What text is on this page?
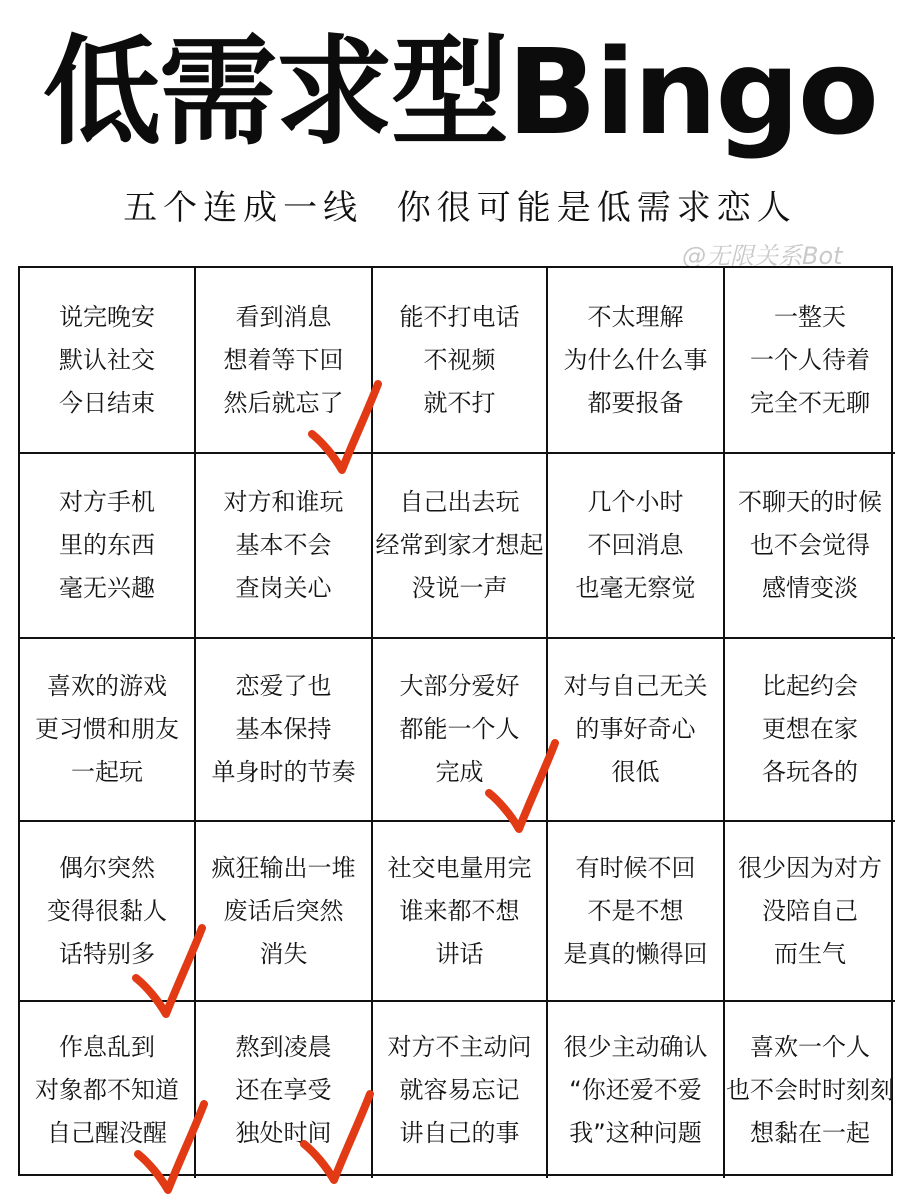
低需求型Bingo
五个连成一线  你很可能是低需求恋人
@无限关系Bot
说完晚安
默认社交
今日结束
看到消息
想着等下回
然后就忘了
能不打电话
不视频
就不打
不太理解
为什么什么事
都要报备
一整天
一个人待着
完全不无聊
对方手机
里的东西
毫无兴趣
对方和谁玩
基本不会
查岗关心
自己出去玩
经常到家才想起
没说一声
几个小时
不回消息
也毫无察觉
不聊天的时候
也不会觉得
感情变淡
喜欢的游戏
更习惯和朋友
一起玩
恋爱了也
基本保持
单身时的节奏
大部分爱好
都能一个人
完成
对与自己无关
的事好奇心
很低
比起约会
更想在家
各玩各的
偶尔突然
变得很黏人
话特别多
疯狂输出一堆
废话后突然
消失
社交电量用完
谁来都不想
讲话
有时候不回
不是不想
是真的懒得回
很少因为对方
没陪自己
而生气
作息乱到
对象都不知道
自己醒没醒
熬到凌晨
还在享受
独处时间
对方不主动问
就容易忘记
讲自己的事
很少主动确认
“你还爱不爱
我”这种问题
喜欢一个人
也不会时时刻刻
想黏在一起
